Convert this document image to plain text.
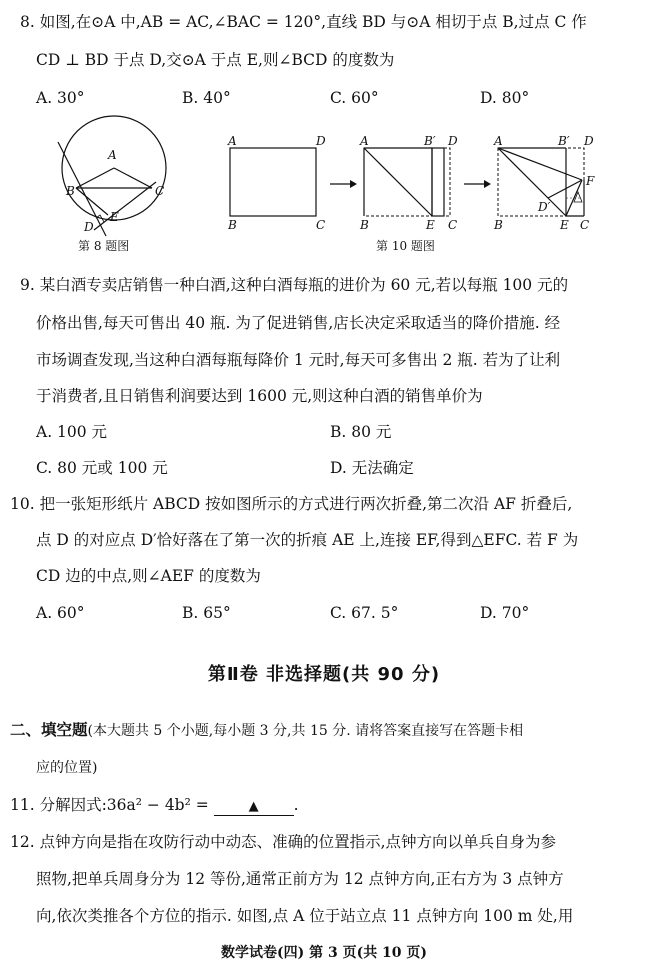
8. 如图,在⊙A 中,AB = AC,∠BAC = 120°,直线 BD 与⊙A 相切于点 B,过点 C 作
CD ⊥ BD 于点 D,交⊙A 于点 E,则∠BCD 的度数为
A. 30°	B. 40°	C. 60°	D. 80°
A
B	C
D
E
第 8 题图
A	D
B	C
A	B′ D
B	E C
A	B′ D
F
D′
B	E C
第 10 题图
9. 某白酒专卖店销售一种白酒,这种白酒每瓶的进价为 60 元,若以每瓶 100 元的
价格出售,每天可售出 40 瓶. 为了促进销售,店长决定采取适当的降价措施. 经
市场调查发现,当这种白酒每瓶每降价 1 元时,每天可多售出 2 瓶. 若为了让利
于消费者,且日销售利润要达到 1600 元,则这种白酒的销售单价为
A. 100 元	B. 80 元
C. 80 元或 100 元	D. 无法确定
10. 把一张矩形纸片 ABCD 按如图所示的方式进行两次折叠,第二次沿 AF 折叠后,
点 D 的对应点 D′恰好落在了第一次的折痕 AE 上,连接 EF,得到△EFC. 若 F 为
CD 边的中点,则∠AEF 的度数为
A. 60°	B. 65°	C. 67. 5°	D. 70°
第Ⅱ卷 非选择题(共 90 分)
二、填空题(本大题共 5 个小题,每小题 3 分,共 15 分. 请将答案直接写在答题卡相
应的位置)
11. 分解因式:36a² − 4b² =	▲ .
12. 点钟方向是指在攻防行动中动态、准确的位置指示,点钟方向以单兵自身为参
照物,把单兵周身分为 12 等份,通常正前方为 12 点钟方向,正右方为 3 点钟方
向,依次类推各个方位的指示. 如图,点 A 位于站立点 11 点钟方向 100 m 处,用
数学试卷(四) 第 3 页(共 10 页)
